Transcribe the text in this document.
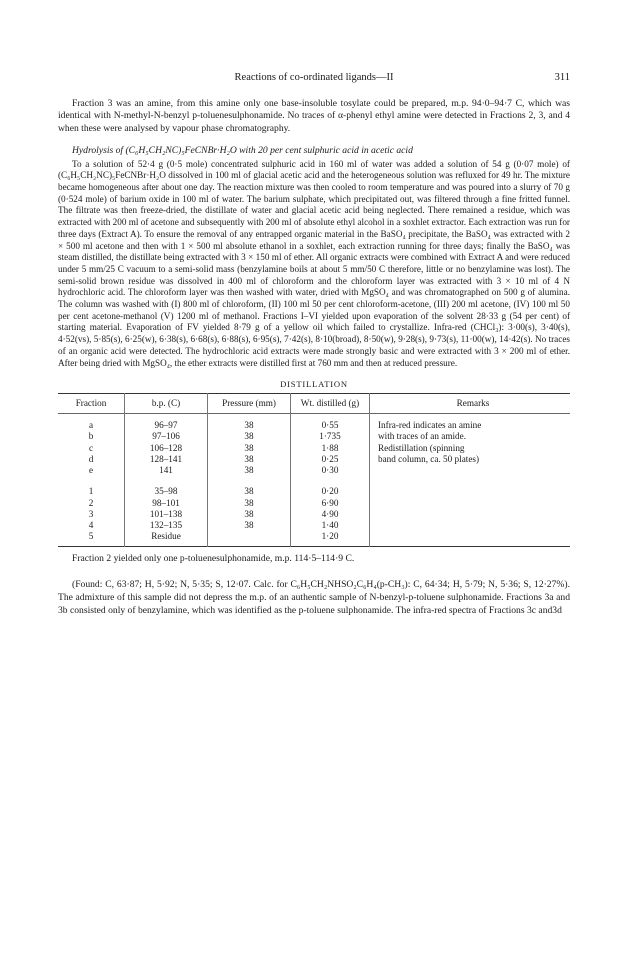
Reactions of co-ordinated ligands—II	311

Fraction 3 was an amine, from this amine only one base-insoluble tosylate could be prepared, m.p. 94·0–94·7 C, which was identical with N-methyl-N-benzyl p-toluenesulphonamide. No traces of α-phenyl ethyl amine were detected in Fractions 2, 3, and 4 when these were analysed by vapour phase chromatography.

Hydrolysis of (C₆H₅CH₂NC)₅FeCNBr·H₂O with 20 per cent sulphuric acid in acetic acid

To a solution of 52·4 g (0·5 mole) concentrated sulphuric acid in 160 ml of water was added a solution of 54 g (0·07 mole) of (C₆H₅CH₂NC)₅FeCNBr·H₂O dissolved in 100 ml of glacial acetic acid and the heterogeneous solution was refluxed for 49 hr. The mixture became homogeneous after about one day. The reaction mixture was then cooled to room temperature and was poured into a slurry of 70 g (0·524 mole) of barium oxide in 100 ml of water. The barium sulphate, which precipitated out, was filtered through a fine fritted funnel. The filtrate was then freeze-dried, the distillate of water and glacial acetic acid being neglected. There remained a residue, which was extracted with 200 ml of acetone and subsequently with 200 ml of absolute ethyl alcohol in a soxhlet extractor. Each extraction was run for three days (Extract A). To ensure the removal of any entrapped organic material in the BaSO₄ precipitate, the BaSO₄ was extracted with 2 × 500 ml acetone and then with 1 × 500 ml absolute ethanol in a soxhlet, each extraction running for three days; finally the BaSO₄ was steam distilled, the distillate being extracted with 3 × 150 ml of ether. All organic extracts were combined with Extract A and were reduced under 5 mm/25 C vacuum to a semi-solid mass (benzylamine boils at about 5 mm/50 C therefore, little or no benzylamine was lost). The semi-solid brown residue was dissolved in 400 ml of chloroform and the chloroform layer was extracted with 3 × 10 ml of 4 N hydrochloric acid. The chloroform layer was then washed with water, dried with MgSO₄ and was chromatographed on 500 g of alumina. The column was washed with (I) 800 ml of chloroform, (II) 100 ml 50 per cent chloroform-acetone, (III) 200 ml acetone, (IV) 100 ml 50 per cent acetone-methanol (V) 1200 ml of methanol. Fractions I–VI yielded upon evaporation of the solvent 28·33 g (54 per cent) of starting material. Evaporation of FV yielded 8·79 g of a yellow oil which failed to crystallize. Infra-red (CHCl₃): 3·00(s), 3·40(s), 4·52(vs), 5·85(s), 6·25(w), 6·38(s), 6·68(s), 6·88(s), 6·95(s), 7·42(s), 8·10(broad), 8·50(w), 9·28(s), 9·73(s), 11·00(w), 14·42(s). No traces of an organic acid were detected. The hydrochloric acid extracts were made strongly basic and were extracted with 3 × 200 ml of ether. After being dried with MgSO₄, the ether extracts were distilled first at 760 mm and then at reduced pressure.

DISTILLATION
Fraction	b.p. (C)	Pressure (mm)	Wt. distilled (g)	Remarks
a	96–97	38	0·55	Infra-red indicates an amine
b	97–106	38	1·735	with traces of an amide.
c	106–128	38	1·88	Redistillation (spinning
d	128–141	38	0·25	band column, ca. 50 plates)
e	141	38	0·30	
1	35–98	38	0·20	
2	98–101	38	6·90	
3	101–138	38	4·90	
4	132–135	38	1·40	
5	Residue		1·20	

Fraction 2 yielded only one p-toluenesulphonamide, m.p. 114·5–114·9 C.

(Found: C, 63·87; H, 5·92; N, 5·35; S, 12·07. Calc. for C₆H₅CH₂NHSO₂C₆H₄(p-CH₃): C, 64·34; H, 5·79; N, 5·36; S, 12·27%). The admixture of this sample did not depress the m.p. of an authentic sample of N-benzyl-p-toluene sulphonamide. Fractions 3a and 3b consisted only of benzylamine, which was identified as the p-toluene sulphonamide. The infra-red spectra of Fractions 3c and3d
